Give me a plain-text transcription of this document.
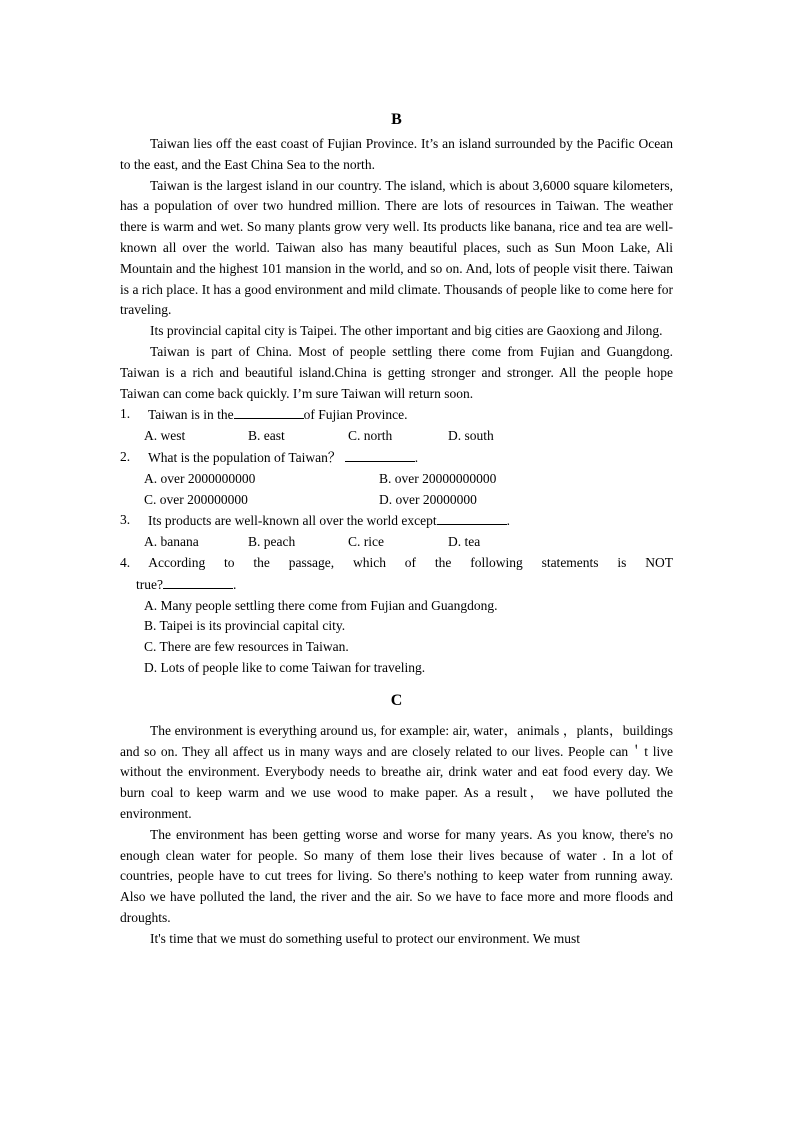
B

Taiwan lies off the east coast of Fujian Province. It’s an island surrounded by the Pacific Ocean to the east, and the East China Sea to the north.

Taiwan is the largest island in our country. The island, which is about 3,6000 square kilometers, has a population of over two hundred million. There are lots of resources in Taiwan. The weather there is warm and wet. So many plants grow very well. Its products like banana, rice and tea are well-known all over the world. Taiwan also has many beautiful places, such as Sun Moon Lake, Ali Mountain and the highest 101 mansion in the world, and so on. And, lots of people visit there. Taiwan is a rich place. It has a good environment and mild climate. Thousands of people like to come here for traveling.

Its provincial capital city is Taipei. The other important and big cities are Gaoxiong and Jilong.

Taiwan is part of China. Most of people settling there come from Fujian and Guangdong. Taiwan is a rich and beautiful island.China is getting stronger and stronger. All the people hope Taiwan can come back quickly. I’m sure Taiwan will return soon.

1.	Taiwan is in the	of Fujian Province.
A. west	B. east	C. north	D. south
2.	What is the population of Taiwan？	.
A. over 2000000000	B. over 20000000000
C. over 200000000	D. over 20000000
3.	Its products are well-known all over the world except	.
A. banana	B. peach	C. rice	D. tea
4. According to the passage, which of the following statements is NOT
true?	.
A. Many people settling there come from Fujian and Guangdong.
B. Taipei is its provincial capital city.
C. There are few resources in Taiwan.
D. Lots of people like to come Taiwan for traveling.
C

The environment is everything around us, for example: air, water，animals ，plants，buildings and so on. They all affect us in many ways and are closely related to our lives. People can＇t live without the environment. Everybody needs to breathe air, drink water and eat food every day. We burn coal to keep warm and we use wood to make paper. As a result， we have polluted the environment.

The environment has been getting worse and worse for many years. As you know, there's no enough clean water for people. So many of them lose their lives because of water . In a lot of countries, people have to cut trees for living. So there's nothing to keep water from running away. Also we have polluted the land, the river and the air. So we have to face more and more floods and droughts.

It's time that we must do something useful to protect our environment. We must
